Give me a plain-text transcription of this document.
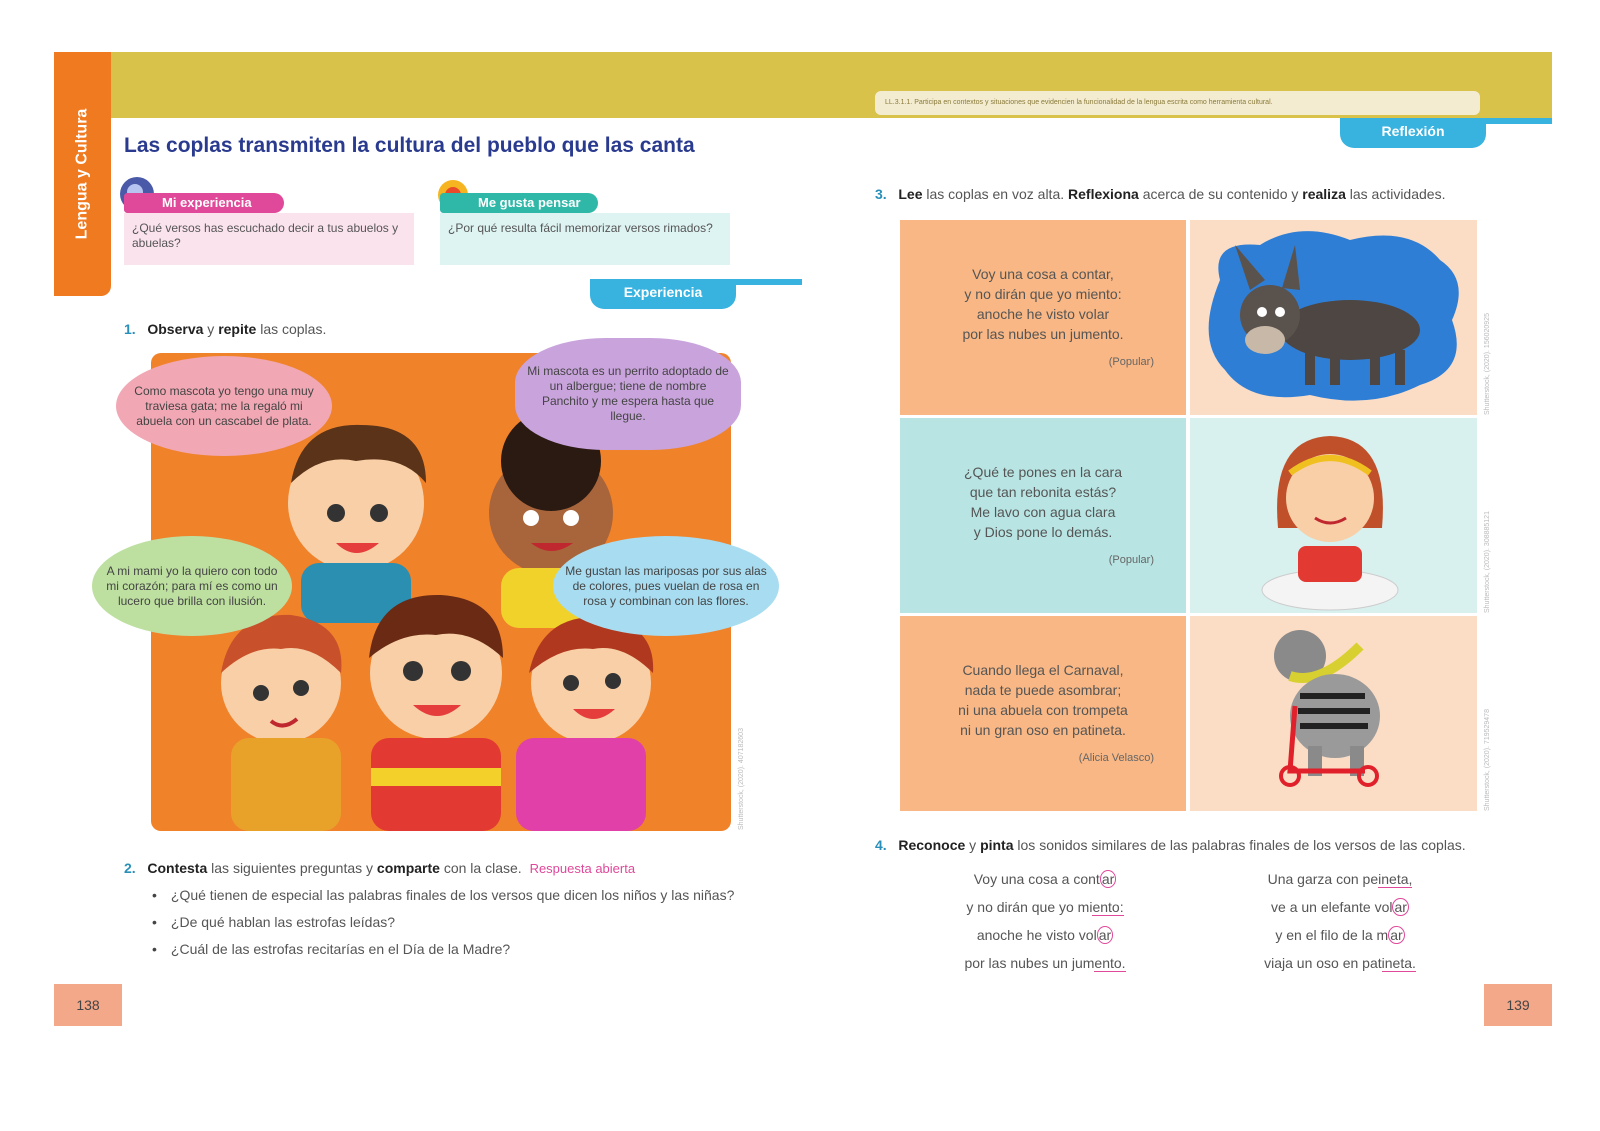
Lengua y Cultura
LL.3.1.1. Participa en contextos y situaciones que evidencien la funcionalidad de la lengua escrita como herramienta cultural.
Reflexión
Las coplas transmiten la cultura del pueblo que las canta
Mi experiencia
¿Qué versos has escuchado decir a tus abuelos y abuelas?
Me gusta pensar
¿Por qué resulta fácil memorizar versos rimados?
Experiencia
1. Observa y repite las coplas.
Shutterstock, (2020). 407182603
Como mascota yo tengo una muy traviesa gata; me la regaló mi abuela con un cascabel de plata.
Mi mascota es un perrito adoptado de un albergue; tiene de nombre Panchito y me espera hasta que llegue.
A mi mami yo la quiero con todo mi corazón; para mí es como un lucero que brilla con ilusión.
Me gustan las mariposas por sus alas de colores, pues vuelan de rosa en rosa y combinan con las flores.
2. Contesta las siguientes preguntas y comparte con la clase. Respuesta abierta
• ¿Qué tienen de especial las palabras finales de los versos que dicen los niños y las niñas?
• ¿De qué hablan las estrofas leídas?
• ¿Cuál de las estrofas recitarías en el Día de la Madre?
138
3. Lee las coplas en voz alta. Reflexiona acerca de su contenido y realiza las actividades.
Voy una cosa a contar,
y no dirán que yo miento:
anoche he visto volar
por las nubes un jumento.
(Popular)	Shutterstock, (2020). 156020925
¿Qué te pones en la cara
que tan rebonita estás?
Me lavo con agua clara
y Dios pone lo demás.
(Popular)	Shutterstock, (2020). 308885121
Cuando llega el Carnaval,
nada te puede asombrar;
ni una abuela con trompeta
ni un gran oso en patineta.
(Alicia Velasco)	Shutterstock, (2020). 719529478
4. Reconoce y pinta los sonidos similares de las palabras finales de los versos de las coplas.
Voy una cosa a cont ar
y no dirán que yo miento:
anoche he visto vol ar
por las nubes un jumento.
Una garza con peineta,
ve a un elefante vol ar
y en el filo de la m ar
viaja un oso en patineta.
139
